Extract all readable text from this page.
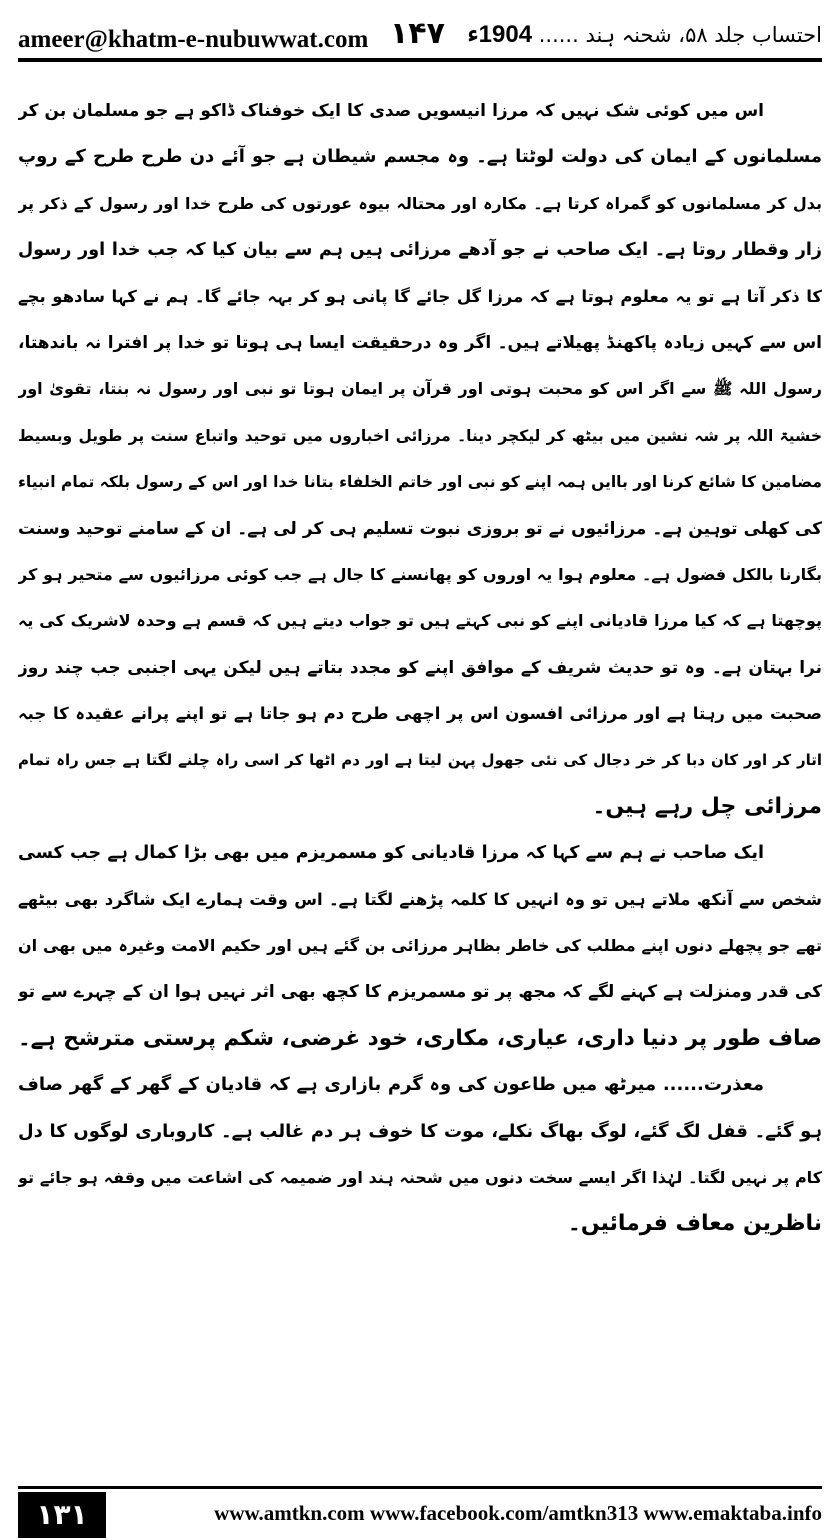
ameer@khatm-e-nubuwwat.com ۱۴۷	احتساب جلد ۵۸، شحنہ ہند ...... 1904ء
اس میں کوئی شک نہیں کہ مرزا انیسویں صدی کا ایک خوفناک ڈاکو ہے جو مسلمان بن کر
مسلمانوں کے ایمان کی دولت لوٹتا ہے۔ وہ مجسم شیطان ہے جو آئے دن طرح طرح کے روپ
بدل کر مسلمانوں کو گمراہ کرتا ہے۔ مکارہ اور محتالہ بیوہ عورتوں کی طرح خدا اور رسول کے ذکر پر
زار وقطار روتا ہے۔ ایک صاحب نے جو آدھے مرزائی ہیں ہم سے بیان کیا کہ جب خدا اور رسول
کا ذکر آتا ہے تو یہ معلوم ہوتا ہے کہ مرزا گل جائے گا پانی ہو کر بہہ جائے گا۔ ہم نے کہا سادھو بچے
اس سے کہیں زیادہ پاکھنڈ پھیلاتے ہیں۔ اگر وہ درحقیقت ایسا ہی ہوتا تو خدا پر افترا نہ باندھتا،
رسول اللہ ﷺ سے اگر اس کو محبت ہوتی اور قرآن پر ایمان ہوتا تو نبی اور رسول نہ بنتا، تقویٰ اور
خشیۃ اللہ پر شہ نشین میں بیٹھ کر لیکچر دینا۔ مرزائی اخباروں میں توحید واتباع سنت پر طویل وبسیط
مضامین کا شائع کرنا اور باایں ہمہ اپنے کو نبی اور خاتم الخلفاء بتانا خدا اور اس کے رسول بلکہ تمام انبیاء
کی کھلی توہین ہے۔ مرزائیوں نے تو بروزی نبوت تسلیم ہی کر لی ہے۔ ان کے سامنے توحید وسنت
بگارنا بالکل فضول ہے۔ معلوم ہوا یہ اوروں کو پھانسنے کا جال ہے جب کوئی مرزائیوں سے متحیر ہو کر
پوچھتا ہے کہ کیا مرزا قادیانی اپنے کو نبی کہتے ہیں تو جواب دیتے ہیں کہ قسم ہے وحدہ لاشریک کی یہ
نرا بہتان ہے۔ وہ تو حدیث شریف کے موافق اپنے کو مجدد بتاتے ہیں لیکن یہی اجنبی جب چند روز
صحبت میں رہتا ہے اور مرزائی افسون اس پر اچھی طرح دم ہو جاتا ہے تو اپنے پرانے عقیدہ کا جبہ
اتار کر اور کان دبا کر خر دجال کی نئی جھول پہن لیتا ہے اور دم اٹھا کر اسی راہ چلنے لگتا ہے جس راہ تمام
مرزائی چل رہے ہیں۔
ایک صاحب نے ہم سے کہا کہ مرزا قادیانی کو مسمریزم میں بھی بڑا کمال ہے جب کسی
شخص سے آنکھ ملاتے ہیں تو وہ انہیں کا کلمہ پڑھنے لگتا ہے۔ اس وقت ہمارے ایک شاگرد بھی بیٹھے
تھے جو پچھلے دنوں اپنے مطلب کی خاطر بظاہر مرزائی بن گئے ہیں اور حکیم الامت وغیرہ میں بھی ان
کی قدر ومنزلت ہے کہنے لگے کہ مجھ پر تو مسمریزم کا کچھ بھی اثر نہیں ہوا ان کے چہرے سے تو
صاف طور پر دنیا داری، عیاری، مکاری، خود غرضی، شکم پرستی مترشح ہے۔
معذرت...... میرٹھ میں طاعون کی وہ گرم بازاری ہے کہ قادیان کے گھر کے گھر صاف
ہو گئے۔ قفل لگ گئے، لوگ بھاگ نکلے، موت کا خوف ہر دم غالب ہے۔ کاروباری لوگوں کا دل
کام پر نہیں لگتا۔ لہٰذا اگر ایسے سخت دنوں میں شحنہ ہند اور ضمیمہ کی اشاعت میں وقفہ ہو جائے تو
ناظرین معاف فرمائیں۔
۱۳۱	www.amtkn.com www.facebook.com/amtkn313 www.emaktaba.info
